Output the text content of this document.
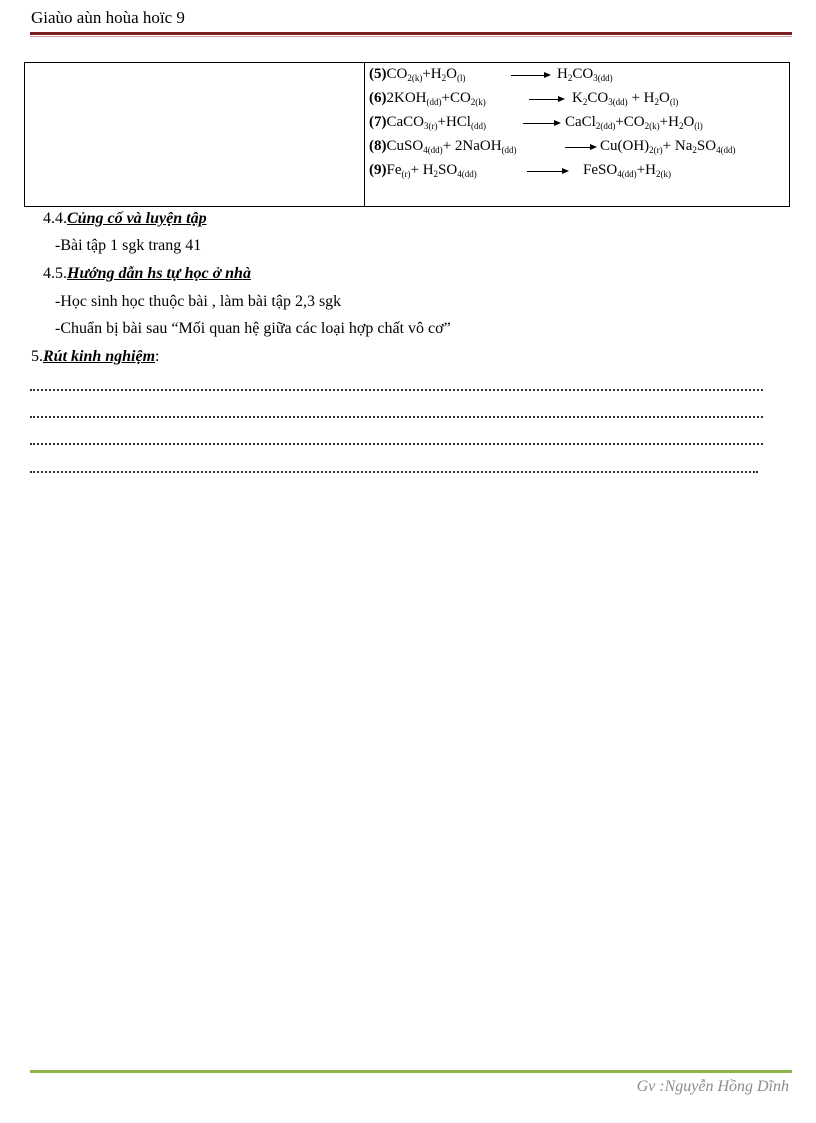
Giaùo aùn hoùa hoïc 9
$(5)CO_{2(k)}+H_2O_{(l)}$	→ $H_2CO_{3(dd)}$
$(6)2KOH_{(dd)}+CO_{2(k)}$	→ $K_2CO_{3(dd)} + H_2O_{(l)}$
(7)CaCO$_{3(r)}$+HCl$_{(dd)}$ → $CaCl_{2(dd)}+CO_{2(k)}+H_2O_{(l)}$
(8)CuSO$_{4(dd)}$+ 2NaOH$_{(dd)}$	→ $Cu(OH)_{2(r)}+ Na_2SO_{4(dd)}$
$(9)Fe_{(r)}+ H_2SO_{4(dd)}$	→ $FeSO_{4(dd)}+H_{2(k)}$
4.4.Củng cố và luyện tập
-Bài tập 1 sgk trang 41
4.5.Hướng dẫn hs tự học ở nhà
-Học sinh học thuộc bài , làm bài tập 2,3 sgk
-Chuẩn bị bài sau “Mối quan hệ giữa các loại hợp chất vô cơ”
5.Rút kinh nghiệm:
Gv :Nguyễn Hồng Dĩnh
